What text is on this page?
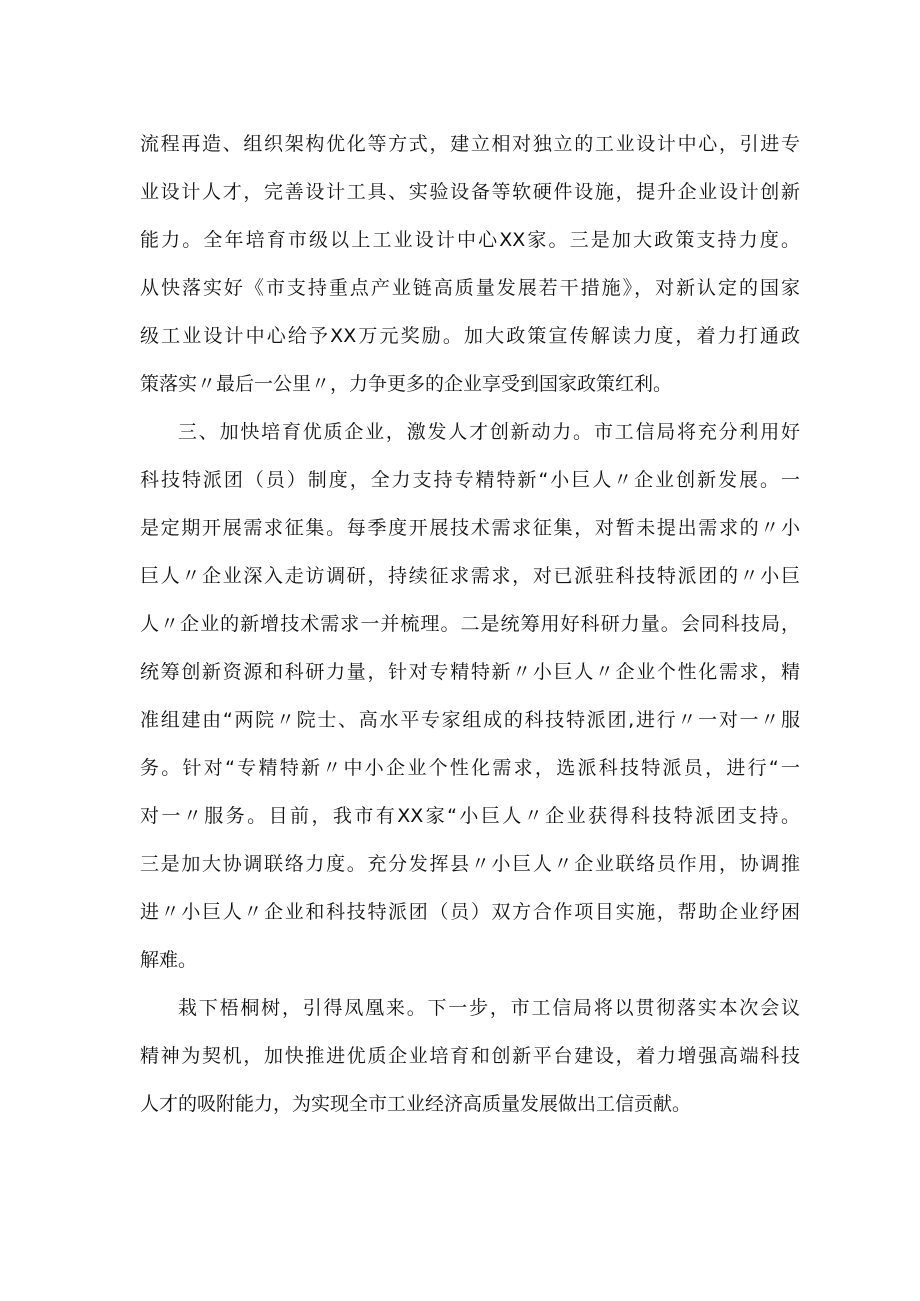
流程再造、组织架构优化等方式，建立相对独立的工业设计中心，引进专
业设计人才，完善设计工具、实验设备等软硬件设施，提升企业设计创新
能力。全年培育市级以上工业设计中心XX家。三是加大政策支持力度。
从快落实好《市支持重点产业链高质量发展若干措施》，对新认定的国家
级工业设计中心给予XX万元奖励。加大政策宣传解读力度，着力打通政
策落实〃最后一公里〃，力争更多的企业享受到国家政策红利。
三、加快培育优质企业，激发人才创新动力。市工信局将充分利用好
科技特派团（员）制度，全力支持专精特新“小巨人〃企业创新发展。一
是定期开展需求征集。每季度开展技术需求征集，对暂未提出需求的〃小
巨人〃企业深入走访调研，持续征求需求，对已派驻科技特派团的〃小巨
人〃企业的新增技术需求一并梳理。二是统筹用好科研力量。会同科技局，
统筹创新资源和科研力量，针对专精特新〃小巨人〃企业个性化需求，精
准组建由“两院〃院士、高水平专家组成的科技特派团,进行〃一对一〃服
务。针对“专精特新〃中小企业个性化需求，选派科技特派员，进行“一
对一〃服务。目前，我市有XX家“小巨人〃企业获得科技特派团支持。
三是加大协调联络力度。充分发挥县〃小巨人〃企业联络员作用，协调推
进〃小巨人〃企业和科技特派团（员）双方合作项目实施，帮助企业纾困
解难。
栽下梧桐树，引得凤凰来。下一步，市工信局将以贯彻落实本次会议
精神为契机，加快推进优质企业培育和创新平台建设，着力增强高端科技
人才的吸附能力，为实现全市工业经济高质量发展做出工信贡献。
